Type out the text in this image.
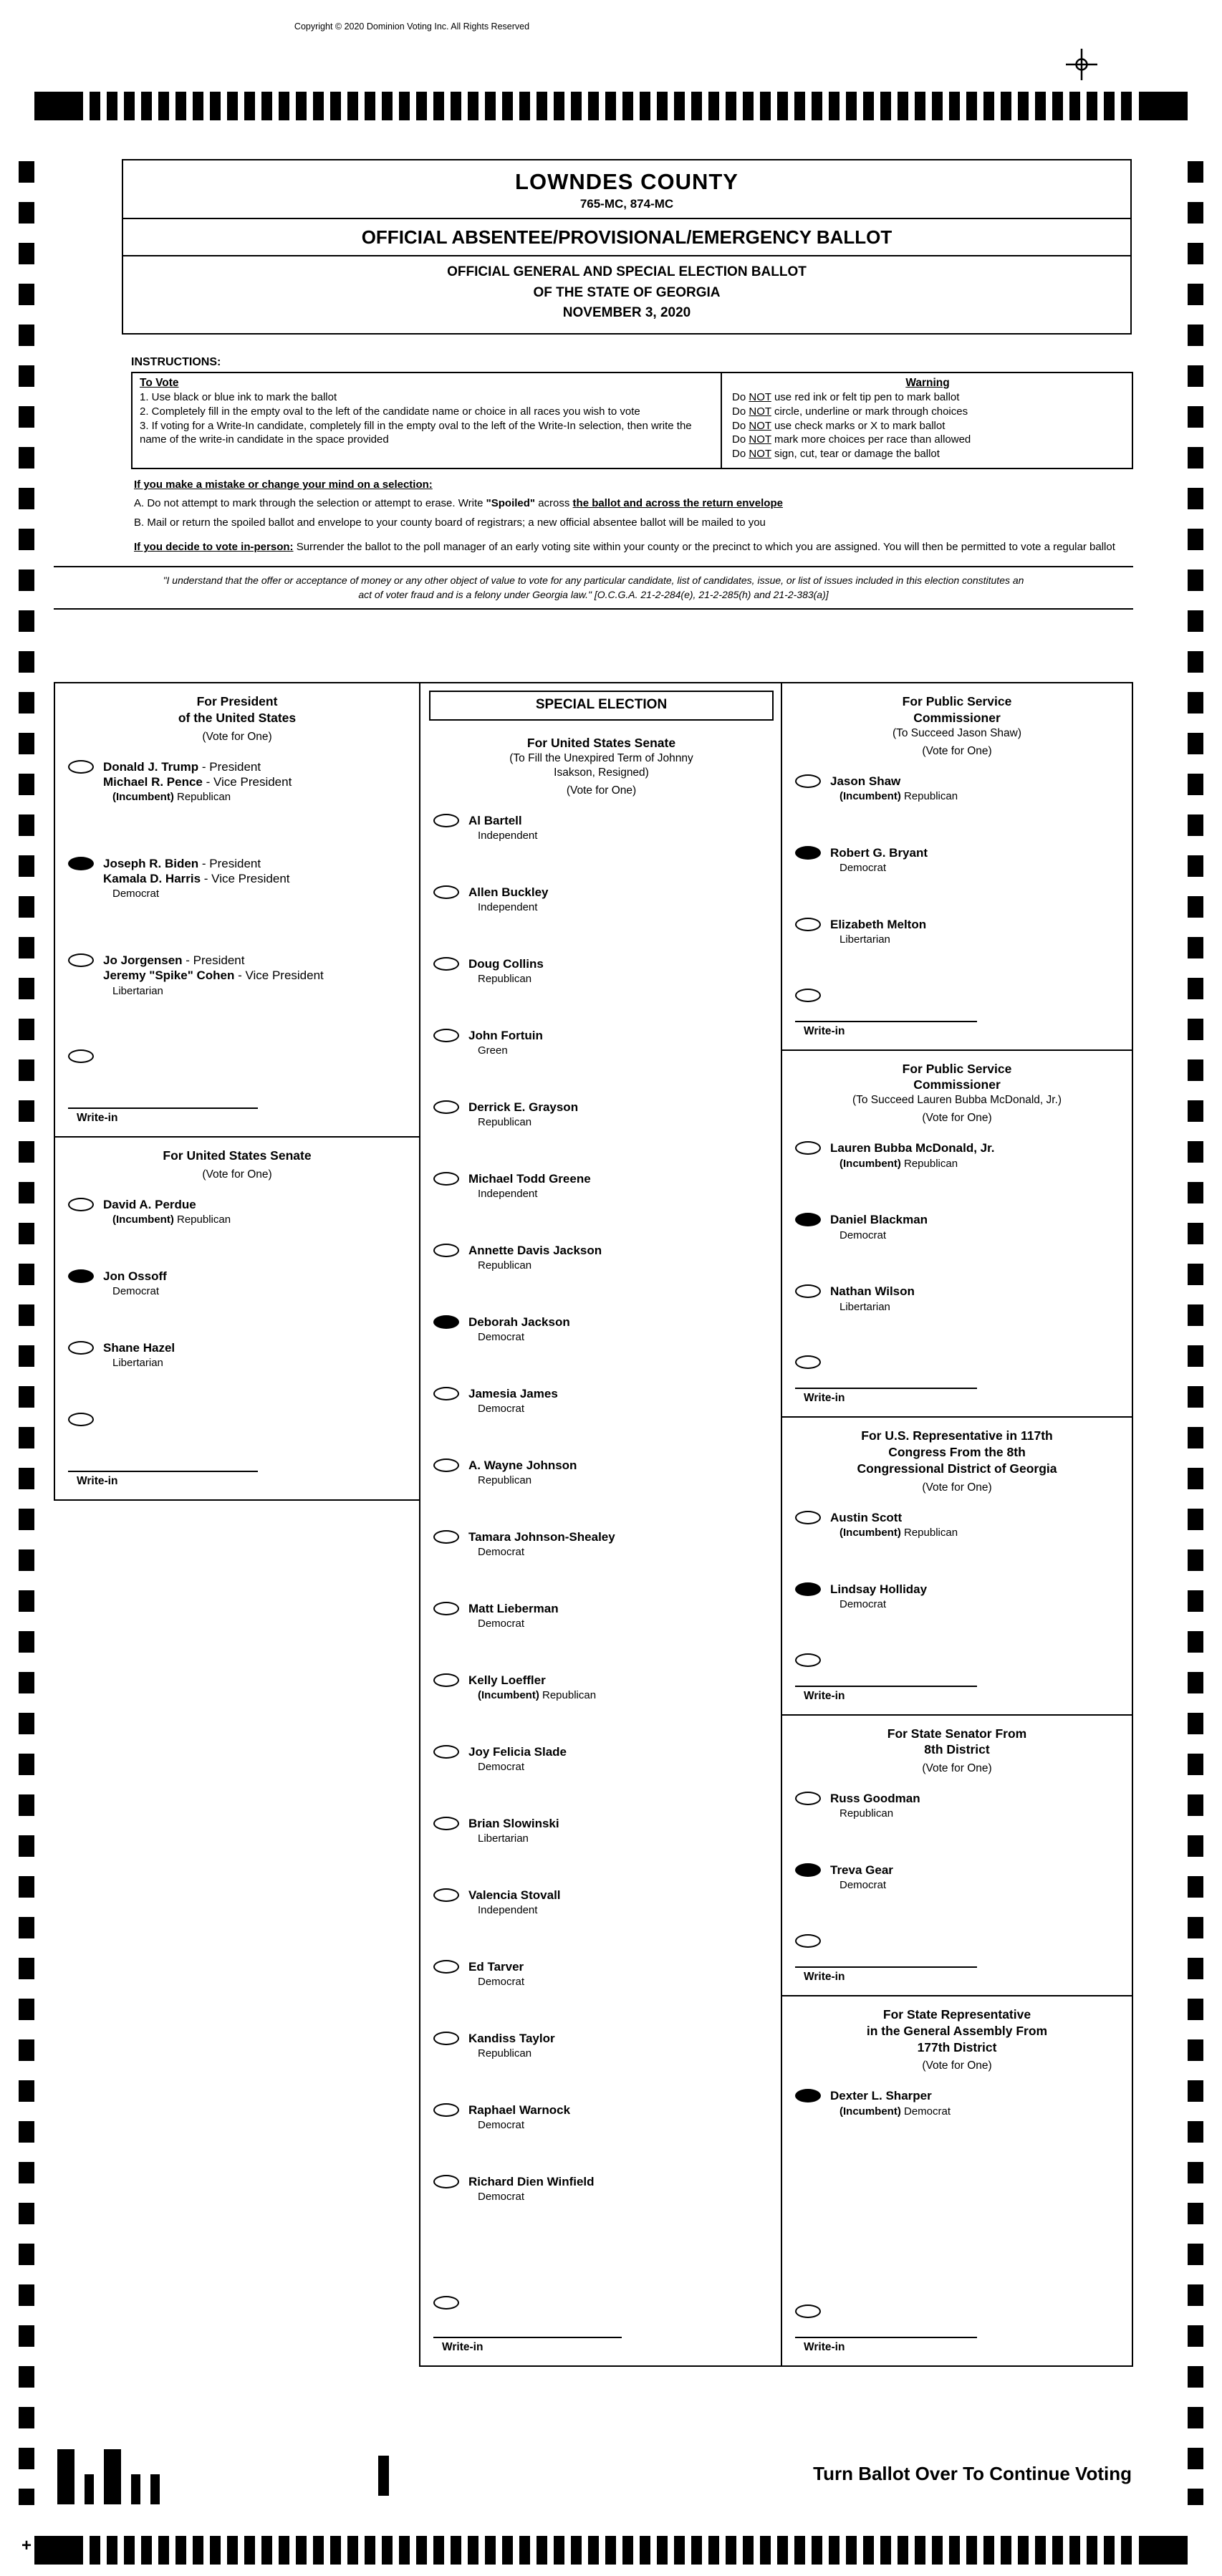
Copyright © 2020 Dominion Voting Inc. All Rights Reserved
LOWNDES COUNTY
765-MC, 874-MC
OFFICIAL ABSENTEE/PROVISIONAL/EMERGENCY BALLOT
OFFICIAL GENERAL AND SPECIAL ELECTION BALLOT
OF THE STATE OF GEORGIA
NOVEMBER 3, 2020
INSTRUCTIONS:
To Vote
1. Use black or blue ink to mark the ballot
2. Completely fill in the empty oval to the left of the candidate name or choice in all races you wish to vote
3. If voting for a Write-In candidate, completely fill in the empty oval to the left of the Write-In selection, then write the name of the write-in candidate in the space provided
Warning
Do NOT use red ink or felt tip pen to mark ballot
Do NOT circle, underline or mark through choices
Do NOT use check marks or X to mark ballot
Do NOT mark more choices per race than allowed
Do NOT sign, cut, tear or damage the ballot
If you make a mistake or change your mind on a selection:
A. Do not attempt to mark through the selection or attempt to erase. Write "Spoiled" across the ballot and across the return envelope
B. Mail or return the spoiled ballot and envelope to your county board of registrars; a new official absentee ballot will be mailed to you
If you decide to vote in-person: Surrender the ballot to the poll manager of an early voting site within your county or the precinct to which you are assigned. You will then be permitted to vote a regular ballot
"I understand that the offer or acceptance of money or any other object of value to vote for any particular candidate, list of candidates, issue, or list of issues included in this election constitutes an act of voter fraud and is a felony under Georgia law." [O.C.G.A. 21-2-284(e), 21-2-285(h) and 21-2-383(a)]
For President
of the United States
(Vote for One)
Donald J. Trump - President
Michael R. Pence - Vice President
(Incumbent) Republican
Joseph R. Biden - President
Kamala D. Harris - Vice President
Democrat
Jo Jorgensen - President
Jeremy "Spike" Cohen - Vice President
Libertarian
Write-in
For United States Senate
(Vote for One)
David A. Perdue
(Incumbent) Republican
Jon Ossoff
Democrat
Shane Hazel
Libertarian
Write-in
SPECIAL ELECTION
For United States Senate
(To Fill the Unexpired Term of Johnny
Isakson, Resigned)
(Vote for One)
Al Bartell
Independent
Allen Buckley
Independent
Doug Collins
Republican
John Fortuin
Green
Derrick E. Grayson
Republican
Michael Todd Greene
Independent
Annette Davis Jackson
Republican
Deborah Jackson
Democrat
Jamesia James
Democrat
A. Wayne Johnson
Republican
Tamara Johnson-Shealey
Democrat
Matt Lieberman
Democrat
Kelly Loeffler
(Incumbent) Republican
Joy Felicia Slade
Democrat
Brian Slowinski
Libertarian
Valencia Stovall
Independent
Ed Tarver
Democrat
Kandiss Taylor
Republican
Raphael Warnock
Democrat
Richard Dien Winfield
Democrat
Write-in
For Public Service
Commissioner
(To Succeed Jason Shaw)
(Vote for One)
Jason Shaw
(Incumbent) Republican
Robert G. Bryant
Democrat
Elizabeth Melton
Libertarian
Write-in
For Public Service
Commissioner
(To Succeed Lauren Bubba McDonald, Jr.)
(Vote for One)
Lauren Bubba McDonald, Jr.
(Incumbent) Republican
Daniel Blackman
Democrat
Nathan Wilson
Libertarian
Write-in
For U.S. Representative in 117th
Congress From the 8th
Congressional District of Georgia
(Vote for One)
Austin Scott
(Incumbent) Republican
Lindsay Holliday
Democrat
Write-in
For State Senator From
8th District
(Vote for One)
Russ Goodman
Republican
Treva Gear
Democrat
Write-in
For State Representative
in the General Assembly From
177th District
(Vote for One)
Dexter L. Sharper
(Incumbent) Democrat
Write-in
+
Turn Ballot Over To Continue Voting
